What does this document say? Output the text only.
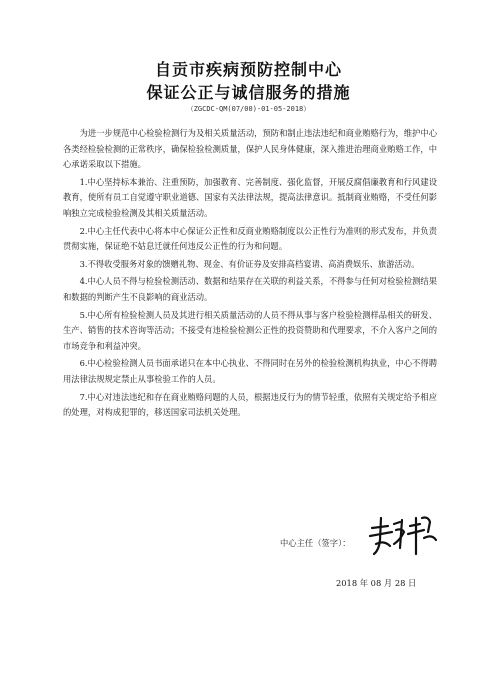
自贡市疾病预防控制中心
保证公正与诚信服务的措施
（ZGCDC-QM(07/00)-01-05-2018）

为进一步规范中心检验检测行为及相关质量活动，预防和制止违法违纪和商业贿赂行为，维护中心各类经检验检测的正常秩序，确保检验检测质量，保护人民身体健康，深入推进治理商业贿赂工作，中心承诺采取以下措施。

1.中心坚持标本兼治、注重预防，加强教育、完善制度、强化监督，开展反腐倡廉教育和行风建设教育，使所有员工自觉遵守职业道德、国家有关法律法规，提高法律意识。抵制商业贿赂，不受任何影响独立完成检验检测及其相关质量活动。

2.中心主任代表中心将本中心保证公正性和反商业贿赂制度以公正性行为准则的形式发布，并负责贯彻实施，保证绝不姑息迁就任何违反公正性的行为和问题。

3.不得收受服务对象的馈赠礼物、现金、有价证券及安排高档宴请、高消费娱乐、旅游活动。

4.中心人员不得与检验检测活动、数据和结果存在关联的利益关系，不得参与任何对检验检测结果和数据的判断产生不良影响的商业活动。

5.中心所有检验检测人员及其进行相关质量活动的人员不得从事与客户检验检测样品相关的研发、生产、销售的技术咨询等活动；不接受有违检验检测公正性的投资赞助和代理要求，不介入客户之间的市场竞争和利益冲突。

6.中心检验检测人员书面承诺只在本中心执业、不得同时在另外的检验检测机构执业，中心不得聘用法律法规规定禁止从事检验工作的人员。

7.中心对违法违纪和存在商业贿赂问题的人员，根据违反行为的情节轻重，依照有关规定给予相应的处理，对构成犯罪的，移送国家司法机关处理。

中心主任（签字）：
2018 年 08 月 28 日
